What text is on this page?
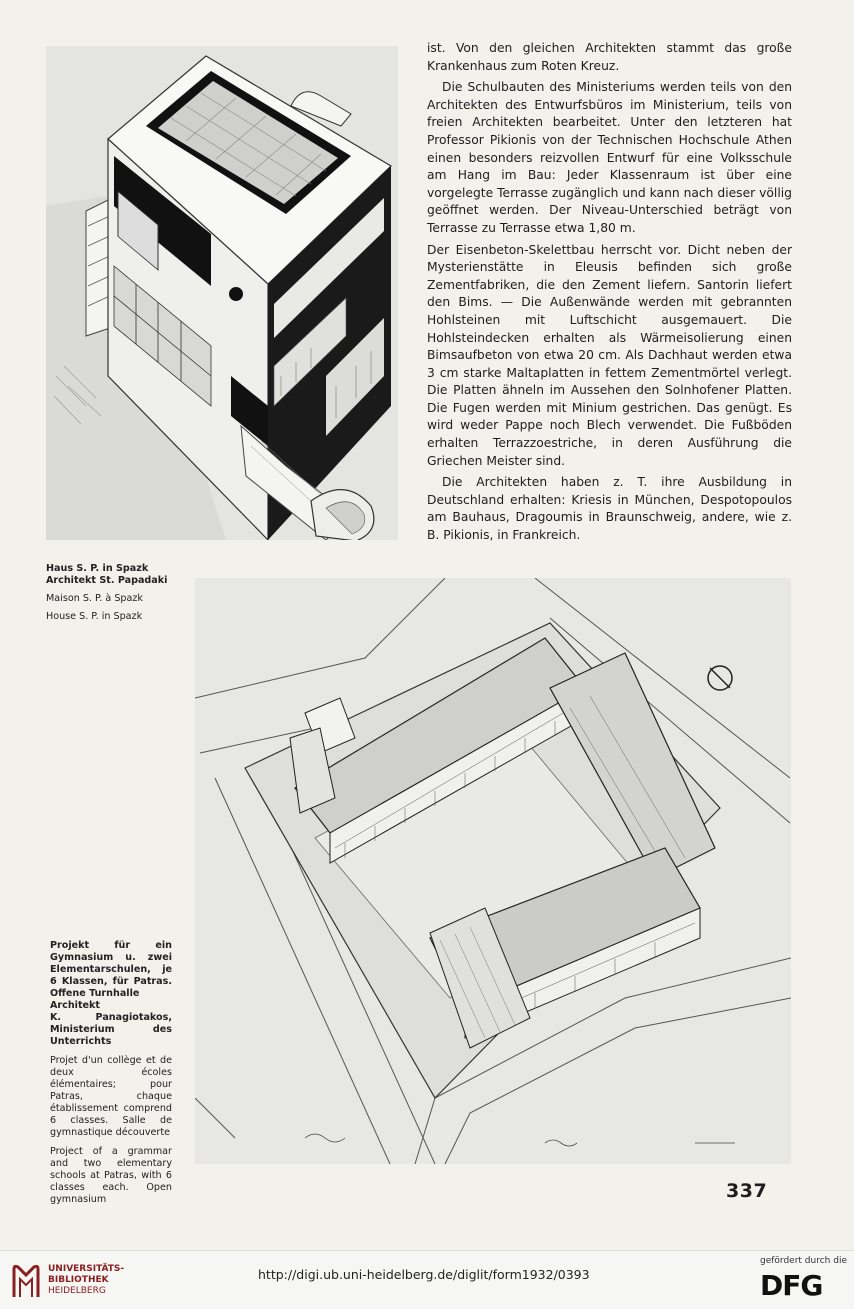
ist. Von den gleichen Architekten stammt das große Krankenhaus zum Roten Kreuz.

Die Schulbauten des Ministeriums werden teils von den Architekten des Entwurfsbüros im Ministerium, teils von freien Architekten bearbeitet. Unter den letzteren hat Professor Pikionis von der Technischen Hochschule Athen einen besonders reizvollen Entwurf für eine Volksschule am Hang im Bau: Jeder Klassenraum ist über eine vorgelegte Terrasse zugänglich und kann nach dieser völlig geöffnet werden. Der Niveau-Unterschied beträgt von Terrasse zu Terrasse etwa 1,80 m.

Der Eisenbeton-Skelettbau herrscht vor. Dicht neben der Mysterienstätte in Eleusis befinden sich große Zementfabriken, die den Zement liefern. Santorin liefert den Bims. — Die Außenwände werden mit gebrannten Hohlsteinen mit Luftschicht ausgemauert. Die Hohlsteindecken erhalten als Wärmeisolierung einen Bimsaufbeton von etwa 20 cm. Als Dachhaut werden etwa 3 cm starke Maltaplatten in fettem Zementmörtel verlegt. Die Platten ähneln im Aussehen den Solnhofener Platten. Die Fugen werden mit Minium gestrichen. Das genügt. Es wird weder Pappe noch Blech verwendet. Die Fußböden erhalten Terrazzoestriche, in deren Ausführung die Griechen Meister sind.

Die Architekten haben z. T. ihre Ausbildung in Deutschland erhalten: Kriesis in München, Despotopoulos am Bauhaus, Dragoumis in Braunschweig, andere, wie z. B. Pikionis, in Frankreich.

Haus S. P. in Spazk
Architekt St. Papadaki
Maison S. P. à Spazk
House S. P. in Spazk
Projekt für ein Gymnasium u. zwei Elementarschulen, je 6 Klassen, für Patras. Offene Turnhalle
Architekt
K. Panagiotakos, Ministerium des Unterrichts
Projet d'un collège et de deux écoles élémentaires; pour Patras, chaque établissement comprend 6 classes. Salle de gymnastique découverte
Project of a grammar and two elementary schools at Patras, with 6 classes each. Open gymnasium	337
UNIVERSITÄTS-
BIBLIOTHEK
HEIDELBERG
http://digi.ub.uni-heidelberg.de/diglit/form1932/0393
gefördert durch die
DFG
